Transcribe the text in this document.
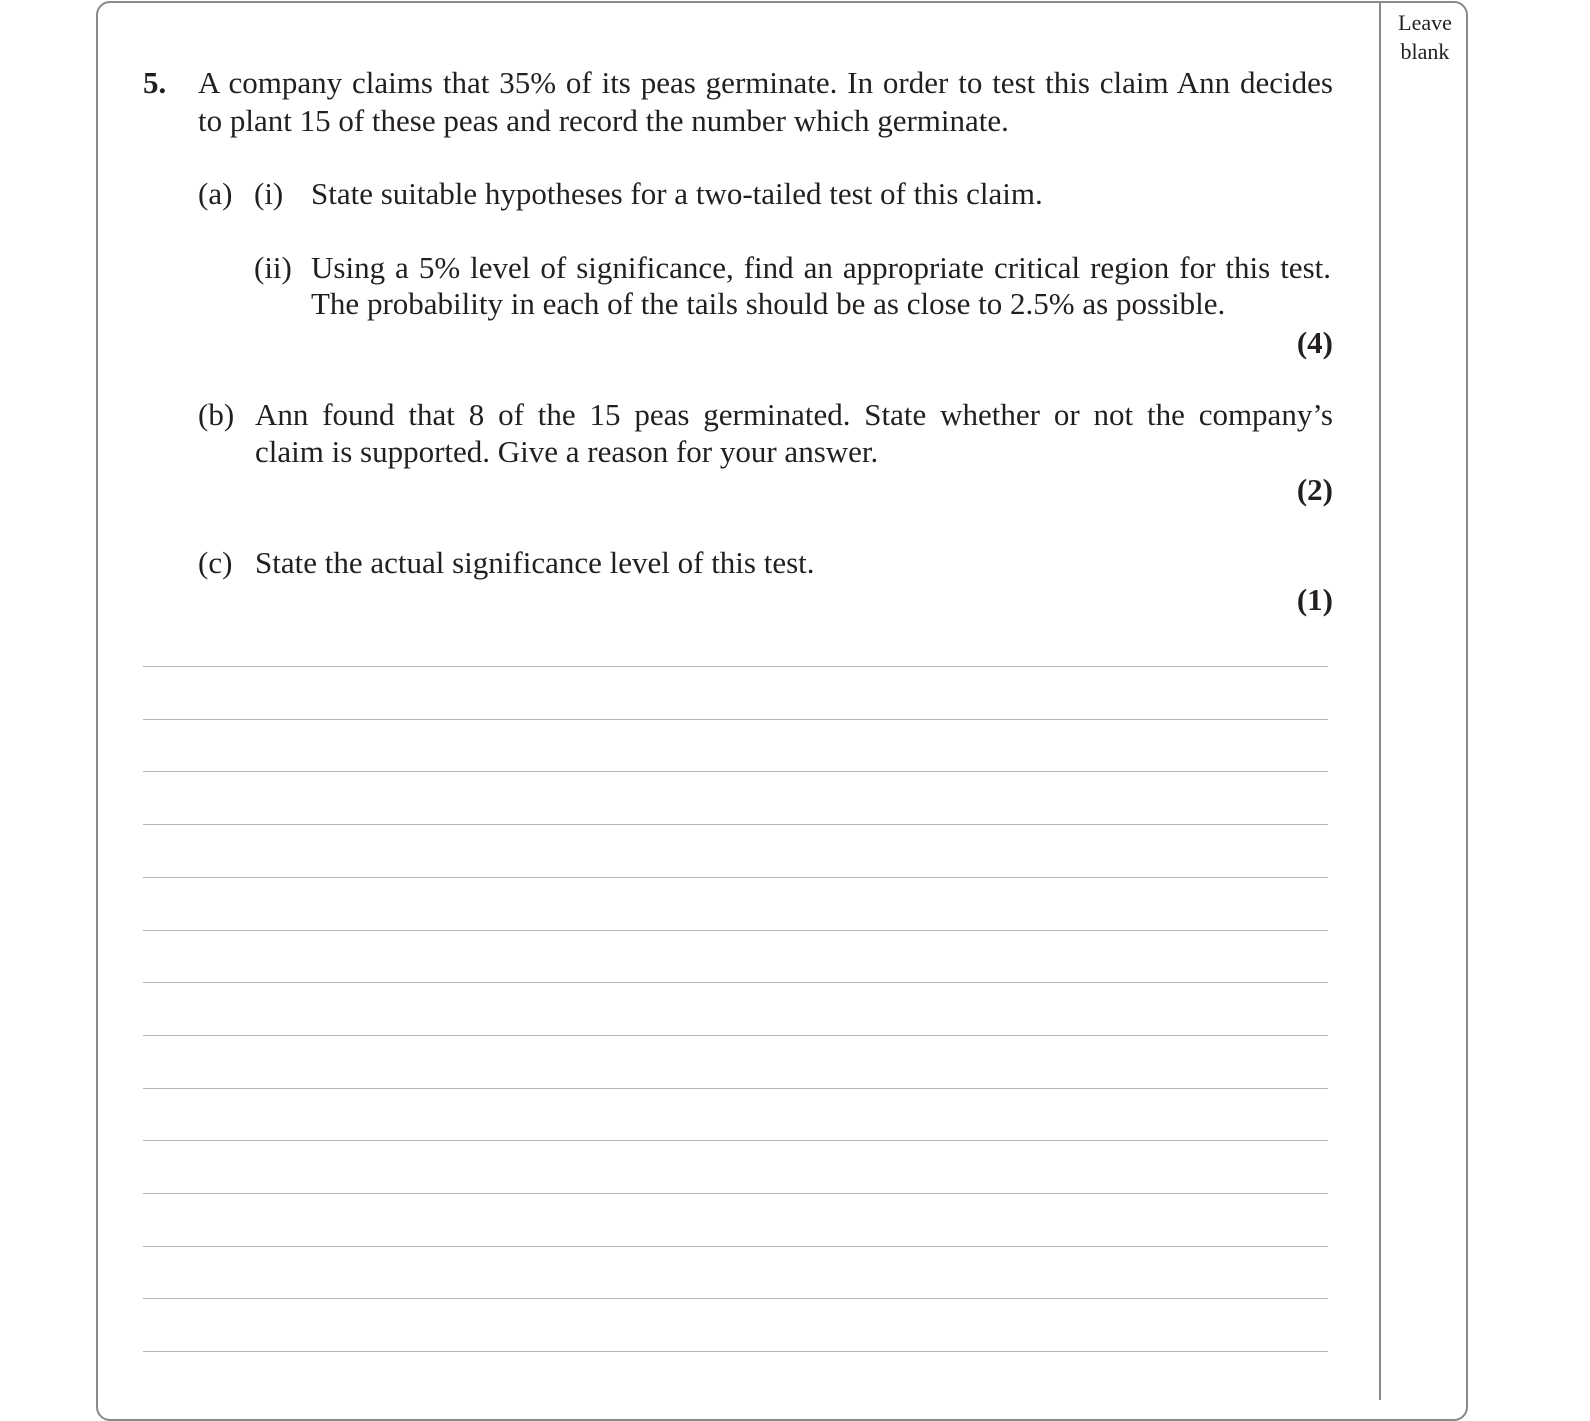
Leave
blank
5. A company claims that 35% of its peas germinate. In order to test this claim Ann decides
to plant 15 of these peas and record the number which germinate.
(a) (i) State suitable hypotheses for a two-tailed test of this claim.
(ii) Using a 5% level of significance, find an appropriate critical region for this test.
The probability in each of the tails should be as close to 2.5% as possible.
(4)
(b) Ann found that 8 of the 15 peas germinated. State whether or not the company’s
claim is supported. Give a reason for your answer.
(2)
(c) State the actual significance level of this test.
(1)
